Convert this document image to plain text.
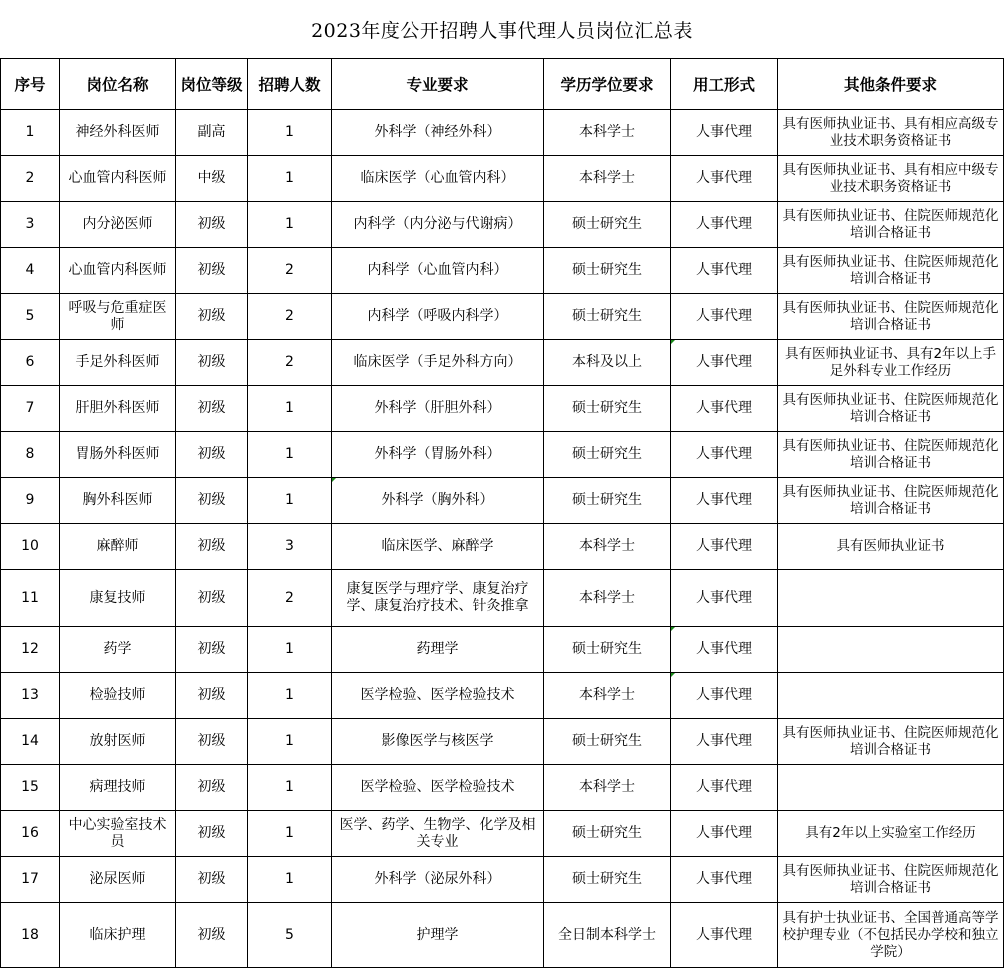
2023年度公开招聘人事代理人员岗位汇总表
序号	岗位名称	岗位等级	招聘人数	专业要求	学历学位要求	用工形式	其他条件要求
1	神经外科医师	副高	1	外科学（神经外科）	本科学士	人事代理	具有医师执业证书、具有相应高级专业技术职务资格证书
2	心血管内科医师	中级	1	临床医学（心血管内科）	本科学士	人事代理	具有医师执业证书、具有相应中级专业技术职务资格证书
3	内分泌医师	初级	1	内科学（内分泌与代谢病）	硕士研究生	人事代理	具有医师执业证书、住院医师规范化培训合格证书
4	心血管内科医师	初级	2	内科学（心血管内科）	硕士研究生	人事代理	具有医师执业证书、住院医师规范化培训合格证书
5	呼吸与危重症医师	初级	2	内科学（呼吸内科学）	硕士研究生	人事代理	具有医师执业证书、住院医师规范化培训合格证书
6	手足外科医师	初级	2	临床医学（手足外科方向）	本科及以上	人事代理	具有医师执业证书、具有2年以上手足外科专业工作经历
7	肝胆外科医师	初级	1	外科学（肝胆外科）	硕士研究生	人事代理	具有医师执业证书、住院医师规范化培训合格证书
8	胃肠外科医师	初级	1	外科学（胃肠外科）	硕士研究生	人事代理	具有医师执业证书、住院医师规范化培训合格证书
9	胸外科医师	初级	1	外科学（胸外科）	硕士研究生	人事代理	具有医师执业证书、住院医师规范化培训合格证书
10	麻醉师	初级	3	临床医学、麻醉学	本科学士	人事代理	具有医师执业证书
11	康复技师	初级	2	康复医学与理疗学、康复治疗学、康复治疗技术、针灸推拿	本科学士	人事代理	
12	药学	初级	1	药理学	硕士研究生	人事代理	
13	检验技师	初级	1	医学检验、医学检验技术	本科学士	人事代理	
14	放射医师	初级	1	影像医学与核医学	硕士研究生	人事代理	具有医师执业证书、住院医师规范化培训合格证书
15	病理技师	初级	1	医学检验、医学检验技术	本科学士	人事代理	
16	中心实验室技术员	初级	1	医学、药学、生物学、化学及相关专业	硕士研究生	人事代理	具有2年以上实验室工作经历
17	泌尿医师	初级	1	外科学（泌尿外科）	硕士研究生	人事代理	具有医师执业证书、住院医师规范化培训合格证书
18	临床护理	初级	5	护理学	全日制本科学士	人事代理	具有护士执业证书、全国普通高等学校护理专业（不包括民办学校和独立学院）
